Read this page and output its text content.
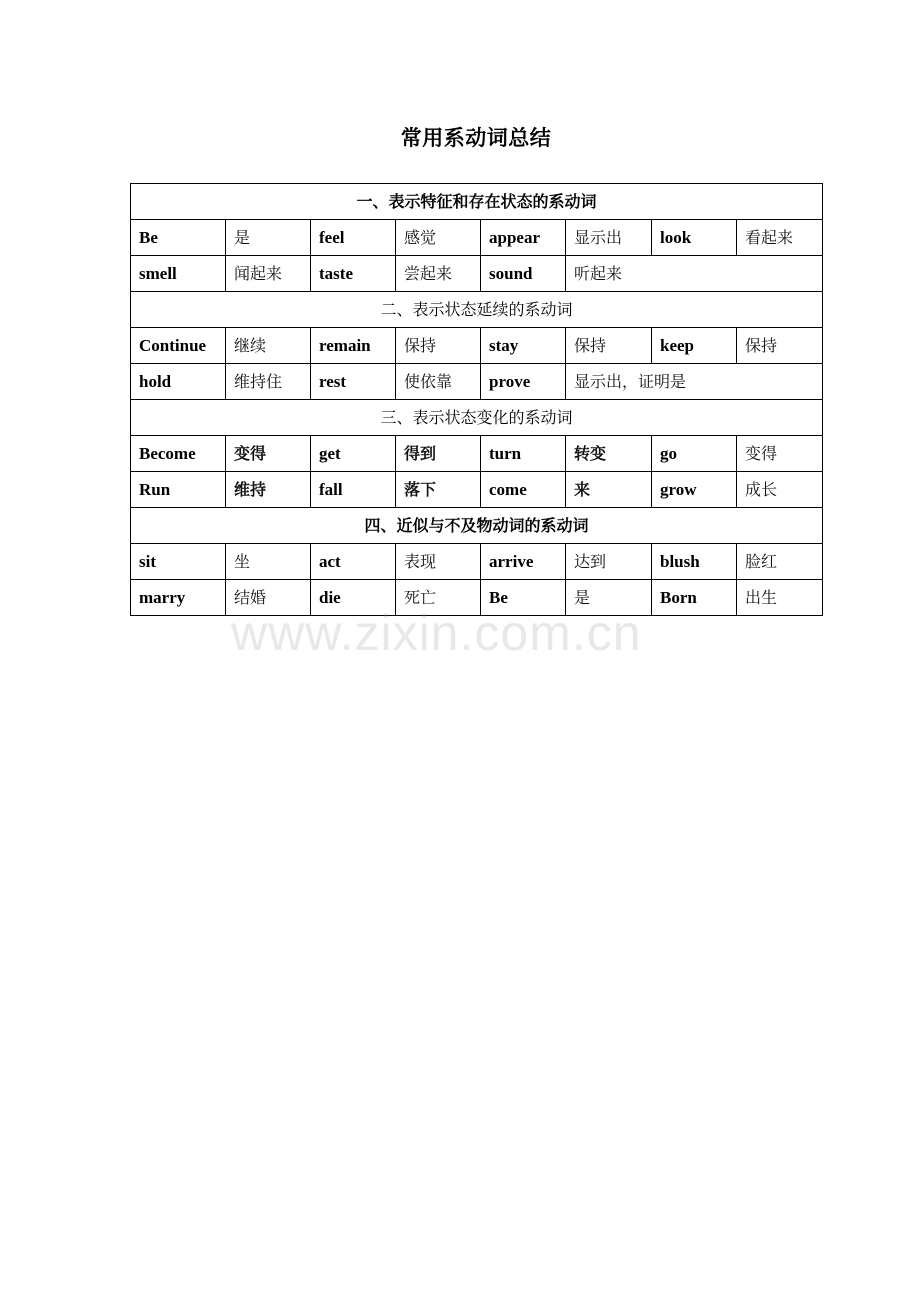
常用系动词总结
一、表示特征和存在状态的系动词							
Be	是	feel	感觉	appear	显示出	look	看起来
smell	闻起来	taste	尝起来	sound	听起来		
二、表示状态延续的系动词							
Continue	继续	remain	保持	stay	保持	keep	保持
hold	维持住	rest	使依靠	prove	显示出，证明是		
三、表示状态变化的系动词							
Become	变得	get	得到	turn	转变	go	变得
Run	维持	fall	落下	come	来	grow	成长
四、近似与不及物动词的系动词							
sit	坐	act	表现	arrive	达到	blush	脸红
marry	结婚	die	死亡	Be	是	Born	出生
www.zixin.com.cn
